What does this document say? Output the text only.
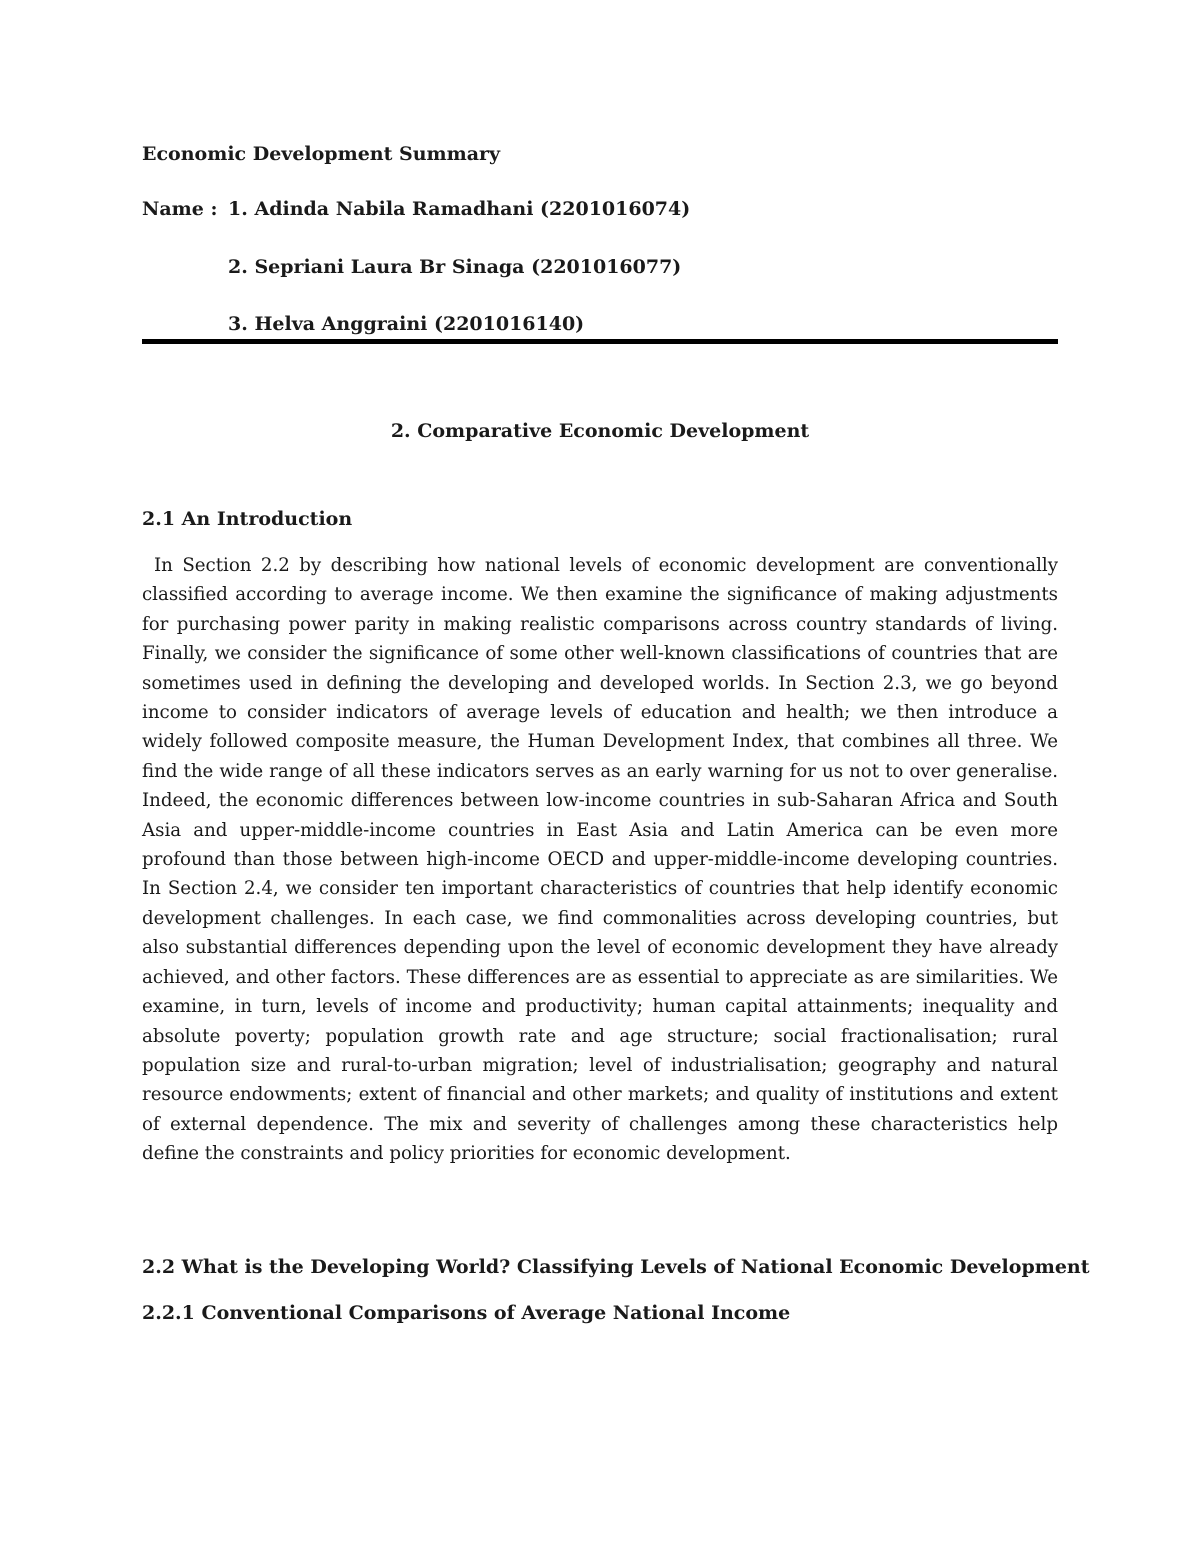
Economic Development Summary
Name : 1. Adinda Nabila Ramadhani (2201016074)
2. Sepriani Laura Br Sinaga (2201016077)
3. Helva Anggraini (2201016140)
2. Comparative Economic Development
2.1 An Introduction

In Section 2.2 by describing how national levels of economic development are conventionally classified according to average income. We then examine the significance of making adjustments for purchasing power parity in making realistic comparisons across country standards of living. Finally, we consider the significance of some other well-known classifications of countries that are sometimes used in defining the developing and developed worlds. In Section 2.3, we go beyond income to consider indicators of average levels of education and health; we then introduce a widely followed composite measure, the Human Development Index, that combines all three. We find the wide range of all these indicators serves as an early warning for us not to over generalise. Indeed, the economic differences between low-income countries in sub-Saharan Africa and South Asia and upper-middle-income countries in East Asia and Latin America can be even more profound than those between high-income OECD and upper-middle-income developing countries. In Section 2.4, we consider ten important characteristics of countries that help identify economic development challenges. In each case, we find commonalities across developing countries, but also substantial differences depending upon the level of economic development they have already achieved, and other factors. These differences are as essential to appreciate as are similarities. We examine, in turn, levels of income and productivity; human capital attainments; inequality and absolute poverty; population growth rate and age structure; social fractionalisation; rural population size and rural-to-urban migration; level of industrialisation; geography and natural resource endowments; extent of financial and other markets; and quality of institutions and extent of external dependence. The mix and severity of challenges among these characteristics help define the constraints and policy priorities for economic development.

2.2 What is the Developing World? Classifying Levels of National Economic Development
2.2.1 Conventional Comparisons of Average National Income
